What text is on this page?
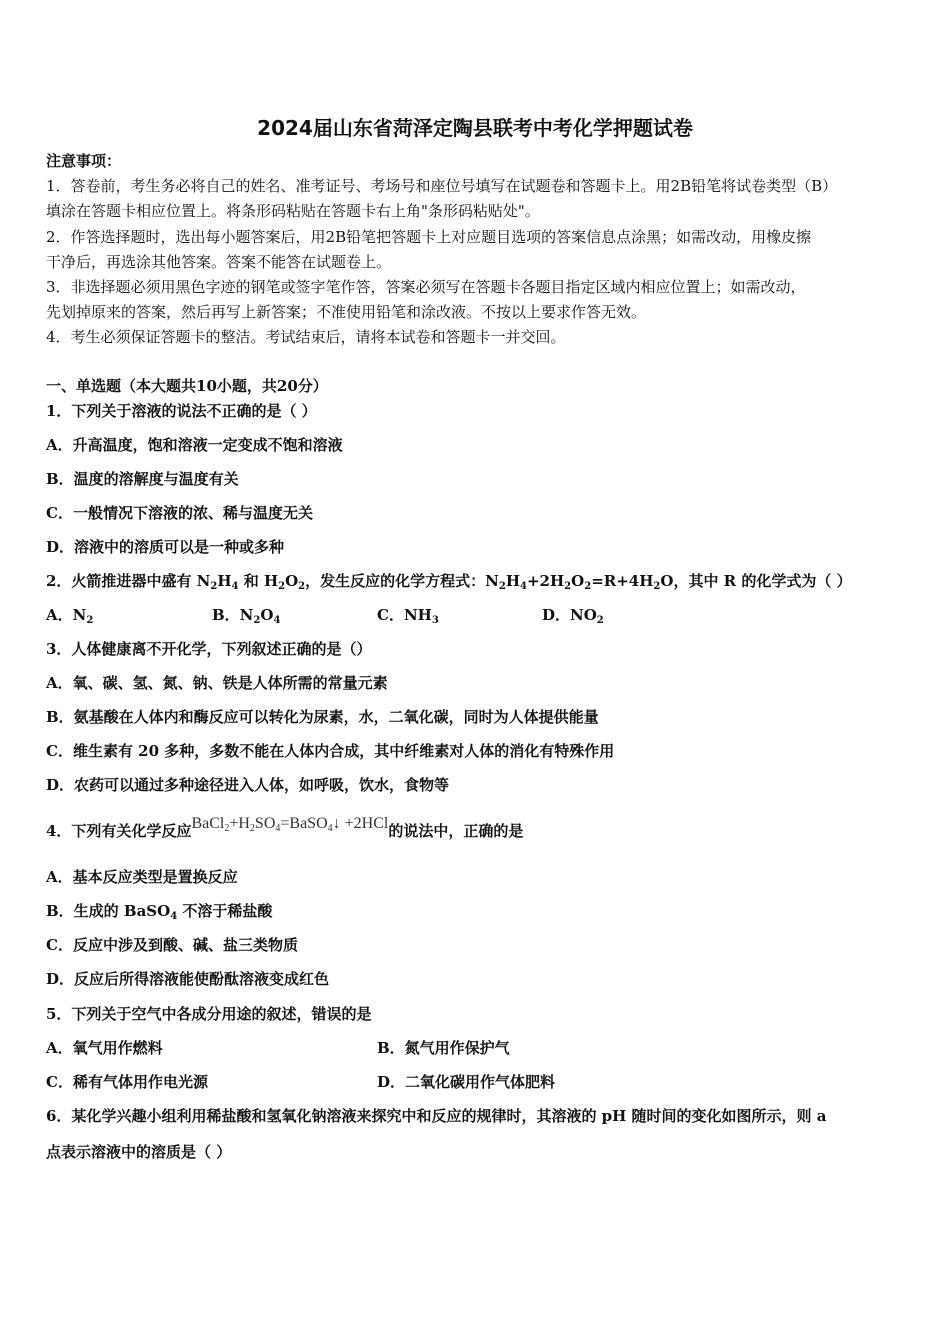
2024届山东省菏泽定陶县联考中考化学押题试卷
注意事项：
1．答卷前，考生务必将自己的姓名、准考证号、考场号和座位号填写在试题卷和答题卡上。用2B铅笔将试卷类型（B）
填涂在答题卡相应位置上。将条形码粘贴在答题卡右上角"条形码粘贴处"。
2．作答选择题时，选出每小题答案后，用2B铅笔把答题卡上对应题目选项的答案信息点涂黑；如需改动，用橡皮擦
干净后，再选涂其他答案。答案不能答在试题卷上。
3．非选择题必须用黑色字迹的钢笔或签字笔作答，答案必须写在答题卡各题目指定区域内相应位置上；如需改动，
先划掉原来的答案，然后再写上新答案；不准使用铅笔和涂改液。不按以上要求作答无效。
4．考生必须保证答题卡的整洁。考试结束后，请将本试卷和答题卡一并交回。
一、单选题（本大题共10小题，共20分）
1．下列关于溶液的说法不正确的是（ ）
A．升高温度，饱和溶液一定变成不饱和溶液
B．温度的溶解度与温度有关
C．一般情况下溶液的浓、稀与温度无关
D．溶液中的溶质可以是一种或多种
2．火箭推进器中盛有 $N_2H_4$ 和 $H_2O_2$，发生反应的化学方程式：$N_2H_4+2H_2O_2=R+4H_2O$，其中 R 的化学式为（ ）
A．$N_2$	B．$N_2O_4$	C．$NH_3$	D．$NO_2$
3．人体健康离不开化学，下列叙述正确的是（）
A．氧、碳、氢、氮、钠、铁是人体所需的常量元素
B．氨基酸在人体内和酶反应可以转化为尿素，水，二氧化碳，同时为人体提供能量
C．维生素有 20 多种，多数不能在人体内合成，其中纤维素对人体的消化有特殊作用
D．农药可以通过多种途径进入人体，如呼吸，饮水，食物等
4．下列有关化学反应$BaCl_2+H_2SO_4=BaSO_4↓ +2HCl$的说法中，正确的是
A．基本反应类型是置换反应
B．生成的 BaSO$_4$ 不溶于稀盐酸
C．反应中涉及到酸、碱、盐三类物质
D．反应后所得溶液能使酚酞溶液变成红色
5．下列关于空气中各成分用途的叙述，错误的是
A．氧气用作燃料	B．氮气用作保护气
C．稀有气体用作电光源	D．二氧化碳用作气体肥料
6．某化学兴趣小组利用稀盐酸和氢氧化钠溶液来探究中和反应的规律时，其溶液的 pH 随时间的变化如图所示，则 a
点表示溶液中的溶质是（ ）
